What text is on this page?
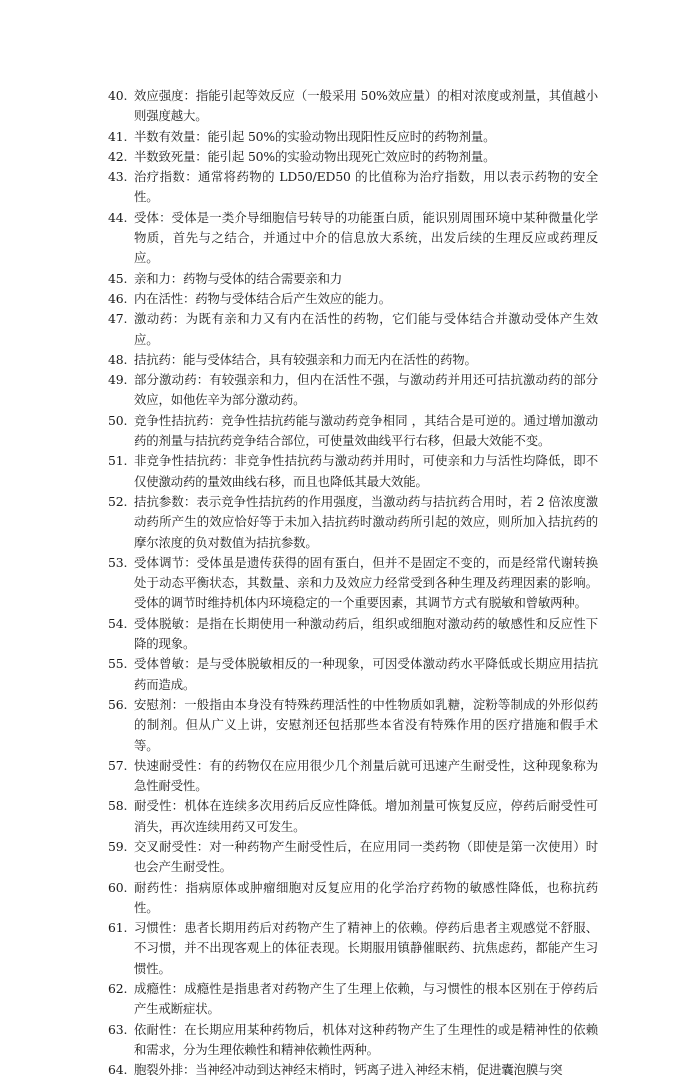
40. 效应强度：指能引起等效反应（一般采用 50%效应量）的相对浓度或剂量，其值越小则强度越大。
41. 半数有效量：能引起 50%的实验动物出现阳性反应时的药物剂量。
42. 半数致死量：能引起 50%的实验动物出现死亡效应时的药物剂量。
43. 治疗指数：通常将药物的 LD50/ED50 的比值称为治疗指数，用以表示药物的安全性。
44. 受体：受体是一类介导细胞信号转导的功能蛋白质，能识别周围环境中某种微量化学物质，首先与之结合，并通过中介的信息放大系统，出发后续的生理反应或药理反应。
45. 亲和力：药物与受体的结合需要亲和力
46. 内在活性：药物与受体结合后产生效应的能力。
47. 激动药：为既有亲和力又有内在活性的药物，它们能与受体结合并激动受体产生效应。
48. 拮抗药：能与受体结合，具有较强亲和力而无内在活性的药物。
49. 部分激动药：有较强亲和力，但内在活性不强，与激动药并用还可拮抗激动药的部分效应，如他佐辛为部分激动药。
50. 竞争性拮抗药：竞争性拮抗药能与激动药竞争相同 ，其结合是可逆的。通过增加激动药的剂量与拮抗药竞争结合部位，可使量效曲线平行右移，但最大效能不变。
51. 非竞争性拮抗药：非竞争性拮抗药与激动药并用时，可使亲和力与活性均降低，即不仅使激动药的量效曲线右移，而且也降低其最大效能。
52. 拮抗参数：表示竞争性拮抗药的作用强度，当激动药与拮抗药合用时，若 2 倍浓度激动药所产生的效应恰好等于未加入拮抗药时激动药所引起的效应，则所加入拮抗药的摩尔浓度的负对数值为拮抗参数。
53. 受体调节：受体虽是遗传获得的固有蛋白，但并不是固定不变的，而是经常代谢转换处于动态平衡状态，其数量、亲和力及效应力经常受到各种生理及药理因素的影响。受体的调节时维持机体内环境稳定的一个重要因素，其调节方式有脱敏和曾敏两种。
54. 受体脱敏：是指在长期使用一种激动药后，组织或细胞对激动药的敏感性和反应性下降的现象。
55. 受体曾敏：是与受体脱敏相反的一种现象，可因受体激动药水平降低或长期应用拮抗药而造成。
56. 安慰剂：一般指由本身没有特殊药理活性的中性物质如乳糖，淀粉等制成的外形似药的制剂。但从广义上讲，安慰剂还包括那些本省没有特殊作用的医疗措施和假手术等。
57. 快速耐受性：有的药物仅在应用很少几个剂量后就可迅速产生耐受性，这种现象称为急性耐受性。
58. 耐受性：机体在连续多次用药后反应性降低。增加剂量可恢复反应，停药后耐受性可消失，再次连续用药又可发生。
59. 交叉耐受性：对一种药物产生耐受性后，在应用同一类药物（即使是第一次使用）时也会产生耐受性。
60. 耐药性：指病原体或肿瘤细胞对反复应用的化学治疗药物的敏感性降低，也称抗药性。
61. 习惯性：患者长期用药后对药物产生了精神上的依赖。停药后患者主观感觉不舒服、不习惯，并不出现客观上的体征表现。长期服用镇静催眠药、抗焦虑药，都能产生习惯性。
62. 成瘾性：成瘾性是指患者对药物产生了生理上依赖，与习惯性的根本区别在于停药后产生戒断症状。
63. 依耐性：在长期应用某种药物后，机体对这种药物产生了生理性的或是精神性的依赖和需求，分为生理依赖性和精神依赖性两种。
64. 胞裂外排：当神经冲动到达神经末梢时，钙离子进入神经末梢，促进囊泡膜与突
